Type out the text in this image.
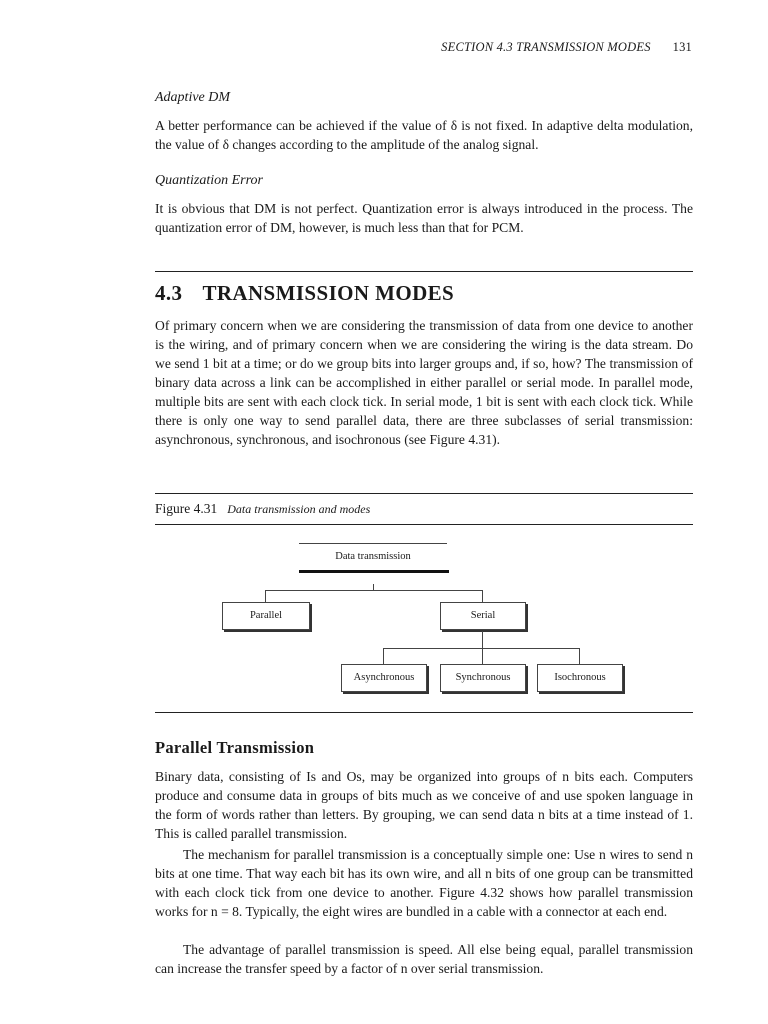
SECTION 4.3 TRANSMISSION MODES 131

Adaptive DM

A better performance can be achieved if the value of δ is not fixed. In adaptive delta modulation, the value of δ changes according to the amplitude of the analog signal.

Quantization Error

It is obvious that DM is not perfect. Quantization error is always introduced in the process. The quantization error of DM, however, is much less than that for PCM.

4.3 TRANSMISSION MODES

Of primary concern when we are considering the transmission of data from one device to another is the wiring, and of primary concern when we are considering the wiring is the data stream. Do we send 1 bit at a time; or do we group bits into larger groups and, if so, how? The transmission of binary data across a link can be accomplished in either parallel or serial mode. In parallel mode, multiple bits are sent with each clock tick. In serial mode, 1 bit is sent with each clock tick. While there is only one way to send parallel data, there are three subclasses of serial transmission: asynchronous, synchronous, and isochronous (see Figure 4.31).

Figure 4.31 Data transmission and modes
Parallel Transmission

Binary data, consisting of Is and Os, may be organized into groups of n bits each. Computers produce and consume data in groups of bits much as we conceive of and use spoken language in the form of words rather than letters. By grouping, we can send data n bits at a time instead of 1. This is called parallel transmission.

The mechanism for parallel transmission is a conceptually simple one: Use n wires to send n bits at one time. That way each bit has its own wire, and all n bits of one group can be transmitted with each clock tick from one device to another. Figure 4.32 shows how parallel transmission works for n = 8. Typically, the eight wires are bundled in a cable with a connector at each end.

The advantage of parallel transmission is speed. All else being equal, parallel transmission can increase the transfer speed by a factor of n over serial transmission.

Data transmission
Parallel	Serial
Asynchronous	Synchronous	Isochronous
